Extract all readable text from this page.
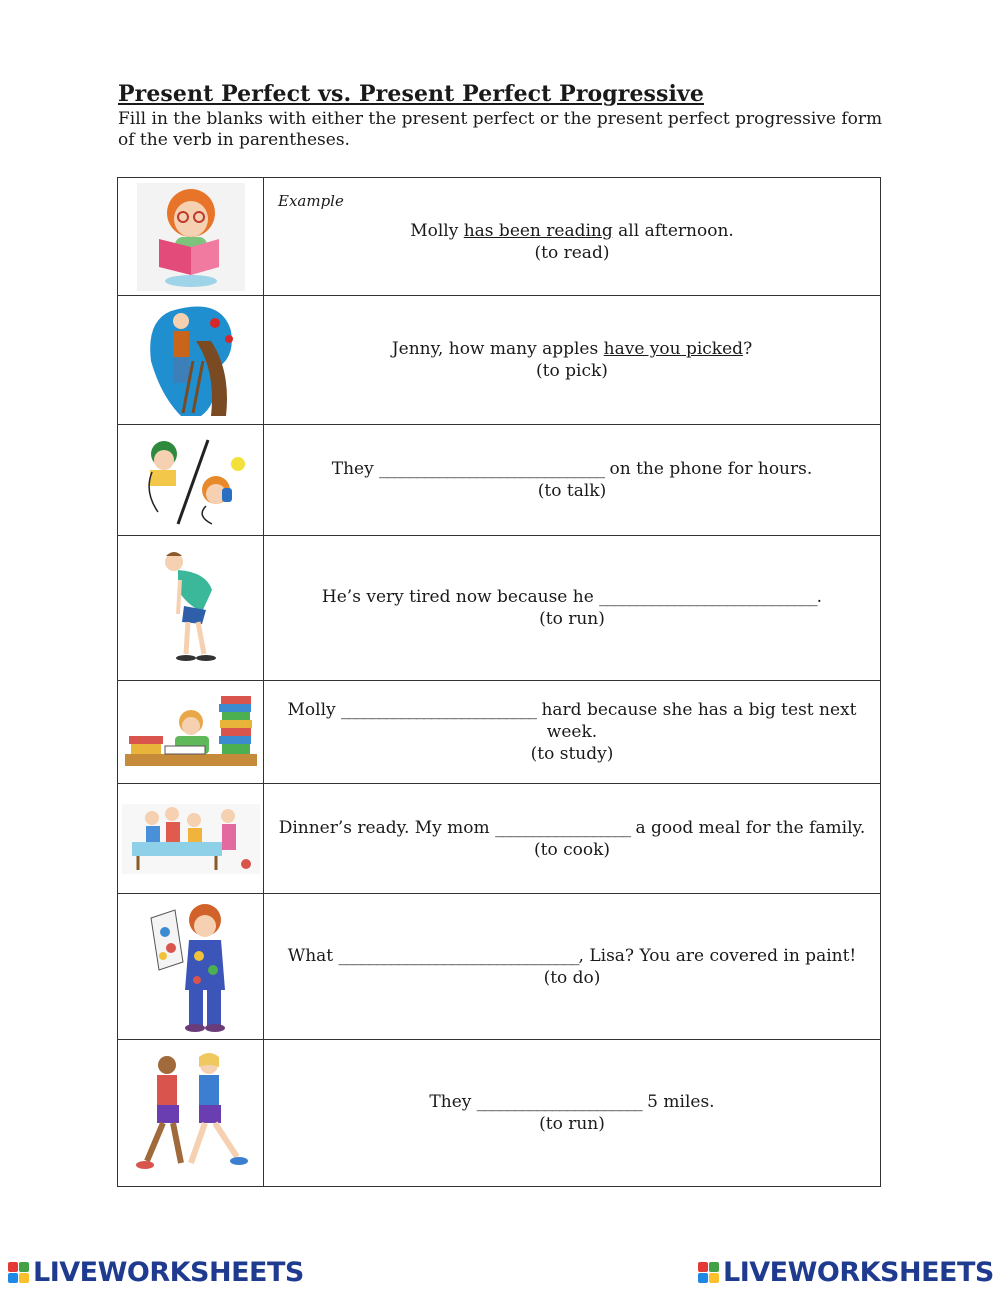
Present Perfect vs. Present Perfect Progressive
Fill in the blanks with either the present perfect or the present perfect progressive form of the verb in parentheses.

Example
Molly has been reading all afternoon.
(to read)

Jenny, how many apples have you picked?
(to pick)

They ______________________________ on the phone for hours.
(to talk)

He’s very tired now because he _____________________________.
(to run)

Molly __________________________ hard because she has a big test next week.
(to study)

Dinner’s ready. My mom __________________ a good meal for the family.
(to cook)

What ________________________________, Lisa? You are covered in paint!
(to do)

They ______________________ 5 miles.
(to run)
LIVEWORKSHEETS	LIVEWORKSHEETS
